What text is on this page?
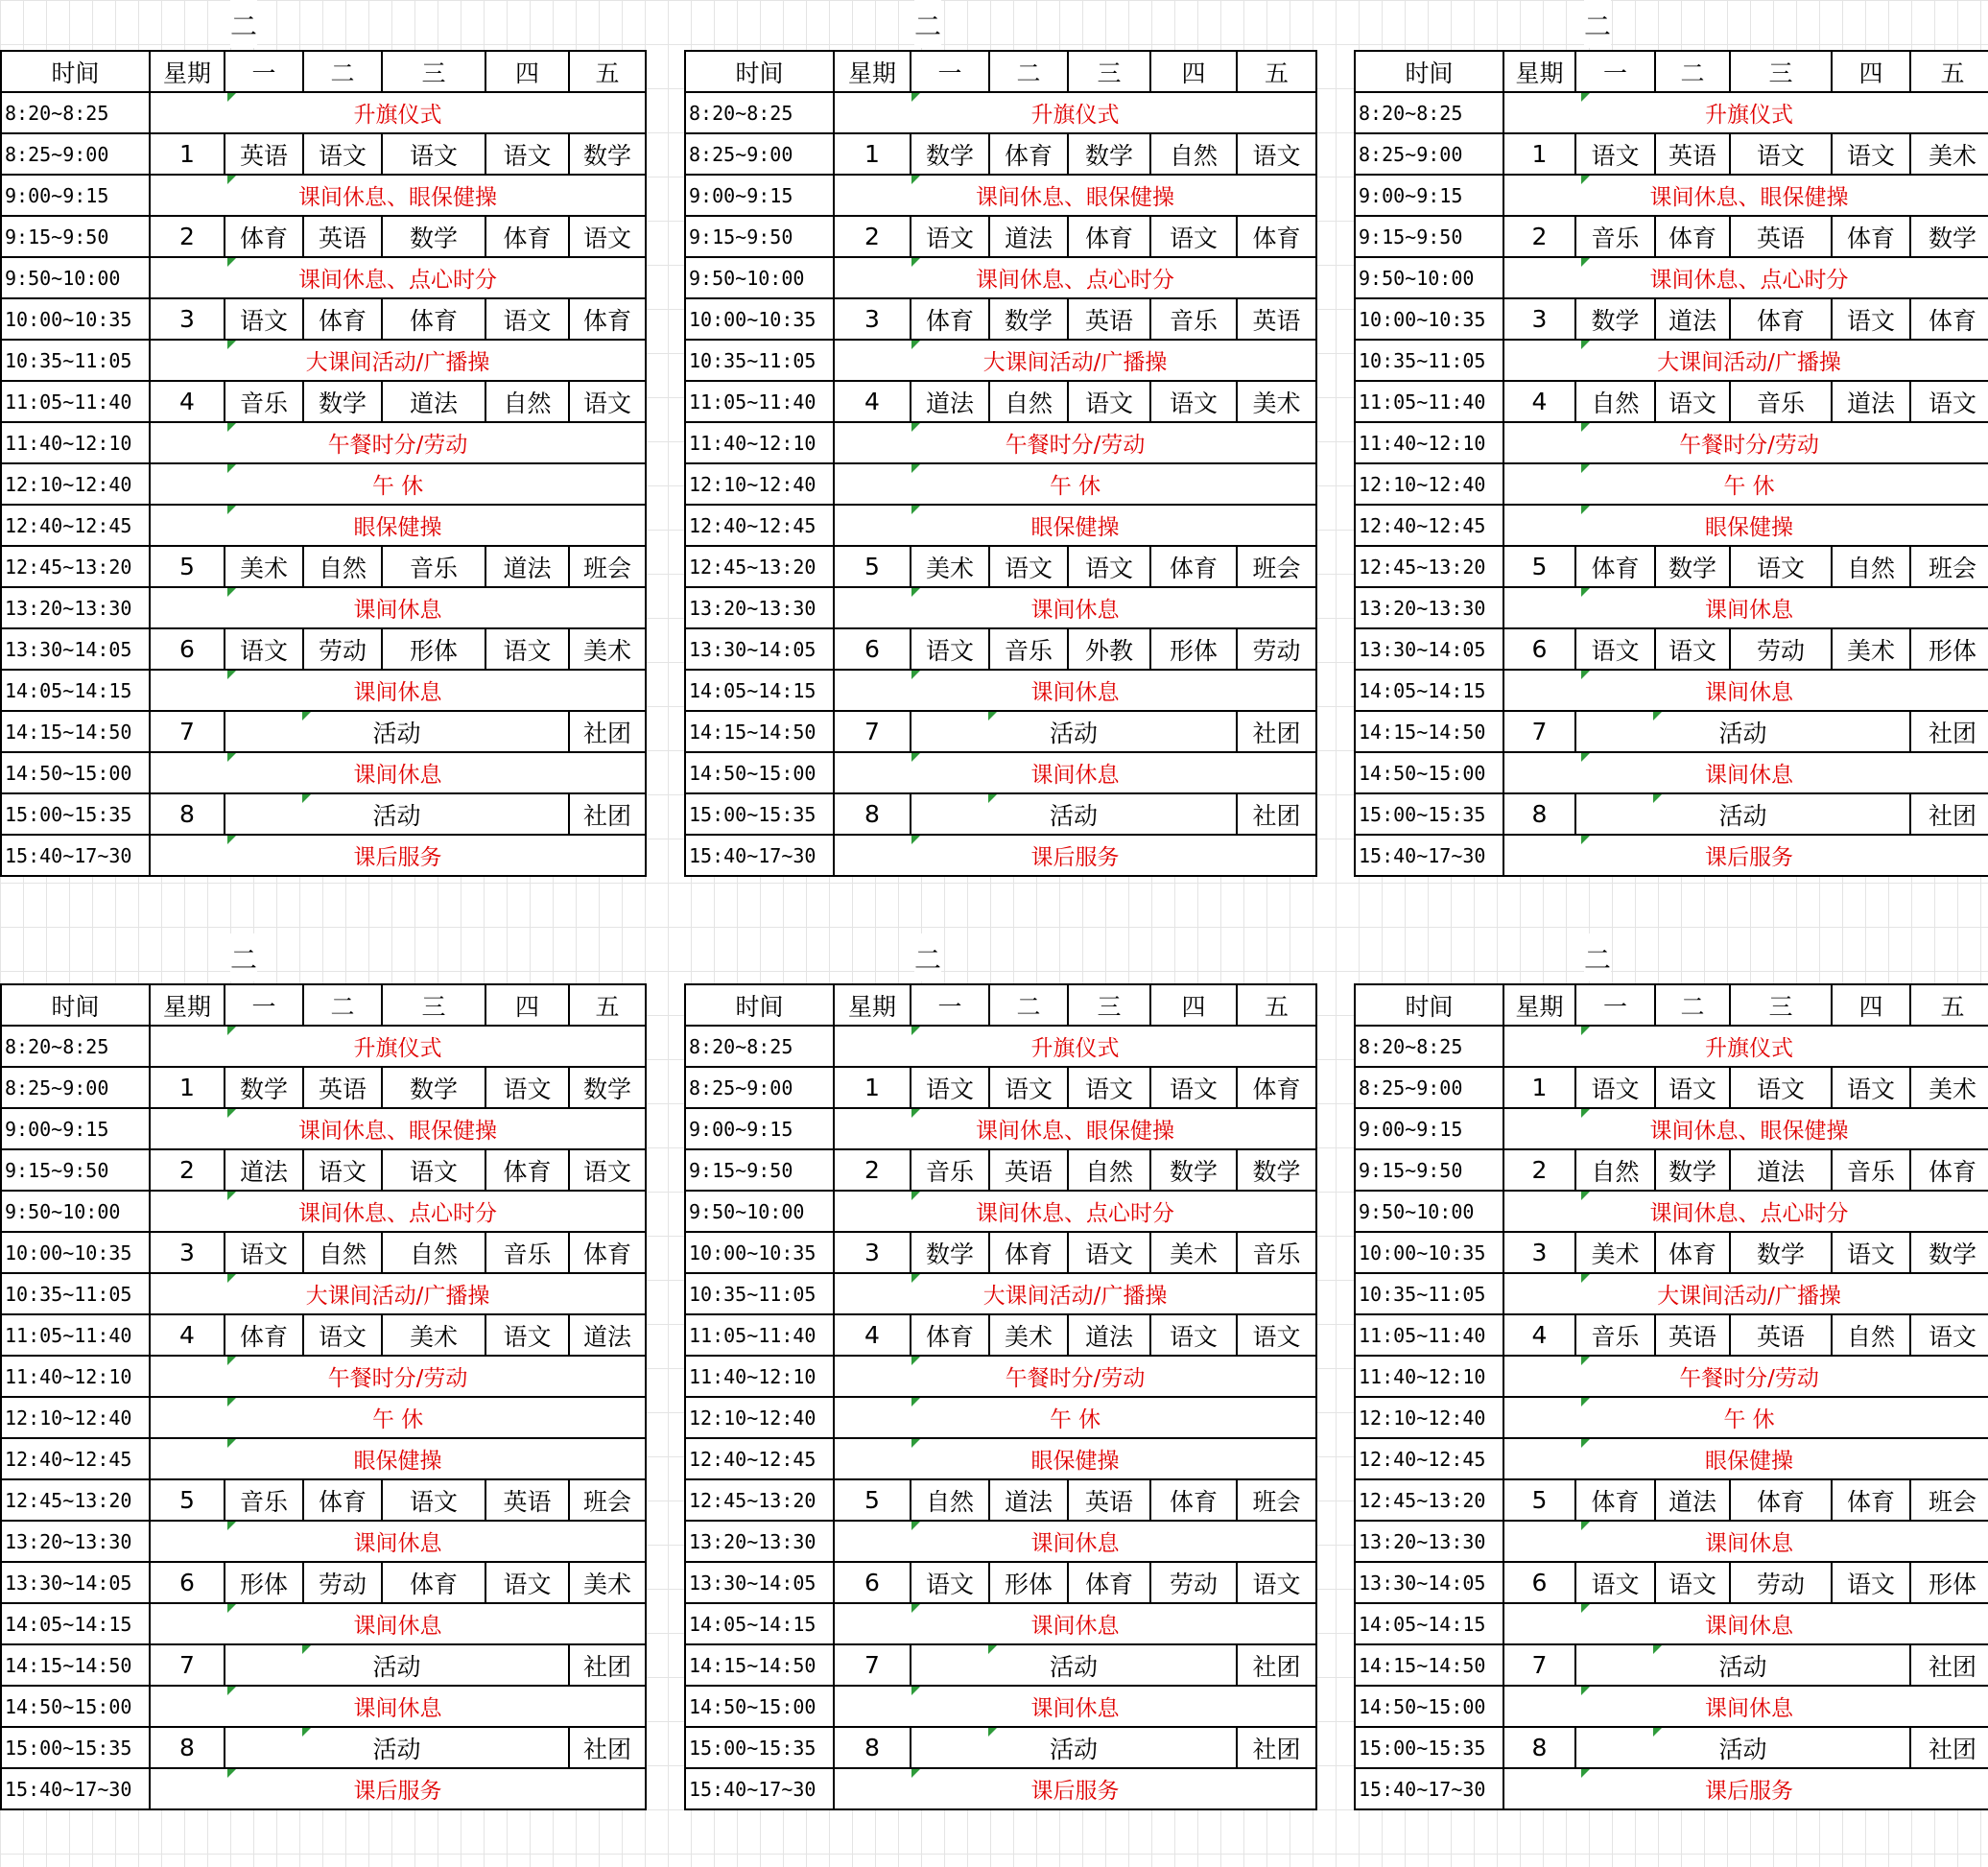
二
时间	星期	一	二	三	四	五
8:20~8:25	升旗仪式					
8:25~9:00	1	英语	语文	语文	语文	数学
9:00~9:15	课间休息、眼保健操					
9:15~9:50	2	体育	英语	数学	体育	语文
9:50~10:00	课间休息、点心时分					
10:00~10:35	3	语文	体育	体育	语文	体育
10:35~11:05	大课间活动/广播操					
11:05~11:40	4	音乐	数学	道法	自然	语文
11:40~12:10	午餐时分/劳动					
12:10~12:40	午 休					
12:40~12:45	眼保健操					
12:45~13:20	5	美术	自然	音乐	道法	班会
13:20~13:30	课间休息					
13:30~14:05	6	语文	劳动	形体	语文	美术
14:05~14:15	课间休息					
14:15~14:50	7	活动				社团
14:50~15:00	课间休息					
15:00~15:35	8	活动				社团
15:40~17~30	课后服务					
二
时间	星期	一	二	三	四	五
8:20~8:25	升旗仪式					
8:25~9:00	1	数学	体育	数学	自然	语文
9:00~9:15	课间休息、眼保健操					
9:15~9:50	2	语文	道法	体育	语文	体育
9:50~10:00	课间休息、点心时分					
10:00~10:35	3	体育	数学	英语	音乐	英语
10:35~11:05	大课间活动/广播操					
11:05~11:40	4	道法	自然	语文	语文	美术
11:40~12:10	午餐时分/劳动					
12:10~12:40	午 休					
12:40~12:45	眼保健操					
12:45~13:20	5	美术	语文	语文	体育	班会
13:20~13:30	课间休息					
13:30~14:05	6	语文	音乐	外教	形体	劳动
14:05~14:15	课间休息					
14:15~14:50	7	活动				社团
14:50~15:00	课间休息					
15:00~15:35	8	活动				社团
15:40~17~30	课后服务					
二
时间	星期	一	二	三	四	五
8:20~8:25	升旗仪式					
8:25~9:00	1	语文	英语	语文	语文	美术
9:00~9:15	课间休息、眼保健操					
9:15~9:50	2	音乐	体育	英语	体育	数学
9:50~10:00	课间休息、点心时分					
10:00~10:35	3	数学	道法	体育	语文	体育
10:35~11:05	大课间活动/广播操					
11:05~11:40	4	自然	语文	音乐	道法	语文
11:40~12:10	午餐时分/劳动					
12:10~12:40	午 休					
12:40~12:45	眼保健操					
12:45~13:20	5	体育	数学	语文	自然	班会
13:20~13:30	课间休息					
13:30~14:05	6	语文	语文	劳动	美术	形体
14:05~14:15	课间休息					
14:15~14:50	7	活动				社团
14:50~15:00	课间休息					
15:00~15:35	8	活动				社团
15:40~17~30	课后服务					
二
时间	星期	一	二	三	四	五
8:20~8:25	升旗仪式					
8:25~9:00	1	数学	英语	数学	语文	数学
9:00~9:15	课间休息、眼保健操					
9:15~9:50	2	道法	语文	语文	体育	语文
9:50~10:00	课间休息、点心时分					
10:00~10:35	3	语文	自然	自然	音乐	体育
10:35~11:05	大课间活动/广播操					
11:05~11:40	4	体育	语文	美术	语文	道法
11:40~12:10	午餐时分/劳动					
12:10~12:40	午 休					
12:40~12:45	眼保健操					
12:45~13:20	5	音乐	体育	语文	英语	班会
13:20~13:30	课间休息					
13:30~14:05	6	形体	劳动	体育	语文	美术
14:05~14:15	课间休息					
14:15~14:50	7	活动				社团
14:50~15:00	课间休息					
15:00~15:35	8	活动				社团
15:40~17~30	课后服务					
二
时间	星期	一	二	三	四	五
8:20~8:25	升旗仪式					
8:25~9:00	1	语文	语文	语文	语文	体育
9:00~9:15	课间休息、眼保健操					
9:15~9:50	2	音乐	英语	自然	数学	数学
9:50~10:00	课间休息、点心时分					
10:00~10:35	3	数学	体育	语文	美术	音乐
10:35~11:05	大课间活动/广播操					
11:05~11:40	4	体育	美术	道法	语文	语文
11:40~12:10	午餐时分/劳动					
12:10~12:40	午 休					
12:40~12:45	眼保健操					
12:45~13:20	5	自然	道法	英语	体育	班会
13:20~13:30	课间休息					
13:30~14:05	6	语文	形体	体育	劳动	语文
14:05~14:15	课间休息					
14:15~14:50	7	活动				社团
14:50~15:00	课间休息					
15:00~15:35	8	活动				社团
15:40~17~30	课后服务					
二
时间	星期	一	二	三	四	五
8:20~8:25	升旗仪式					
8:25~9:00	1	语文	语文	语文	语文	美术
9:00~9:15	课间休息、眼保健操					
9:15~9:50	2	自然	数学	道法	音乐	体育
9:50~10:00	课间休息、点心时分					
10:00~10:35	3	美术	体育	数学	语文	数学
10:35~11:05	大课间活动/广播操					
11:05~11:40	4	音乐	英语	英语	自然	语文
11:40~12:10	午餐时分/劳动					
12:10~12:40	午 休					
12:40~12:45	眼保健操					
12:45~13:20	5	体育	道法	体育	体育	班会
13:20~13:30	课间休息					
13:30~14:05	6	语文	语文	劳动	语文	形体
14:05~14:15	课间休息					
14:15~14:50	7	活动				社团
14:50~15:00	课间休息					
15:00~15:35	8	活动				社团
15:40~17~30	课后服务					
